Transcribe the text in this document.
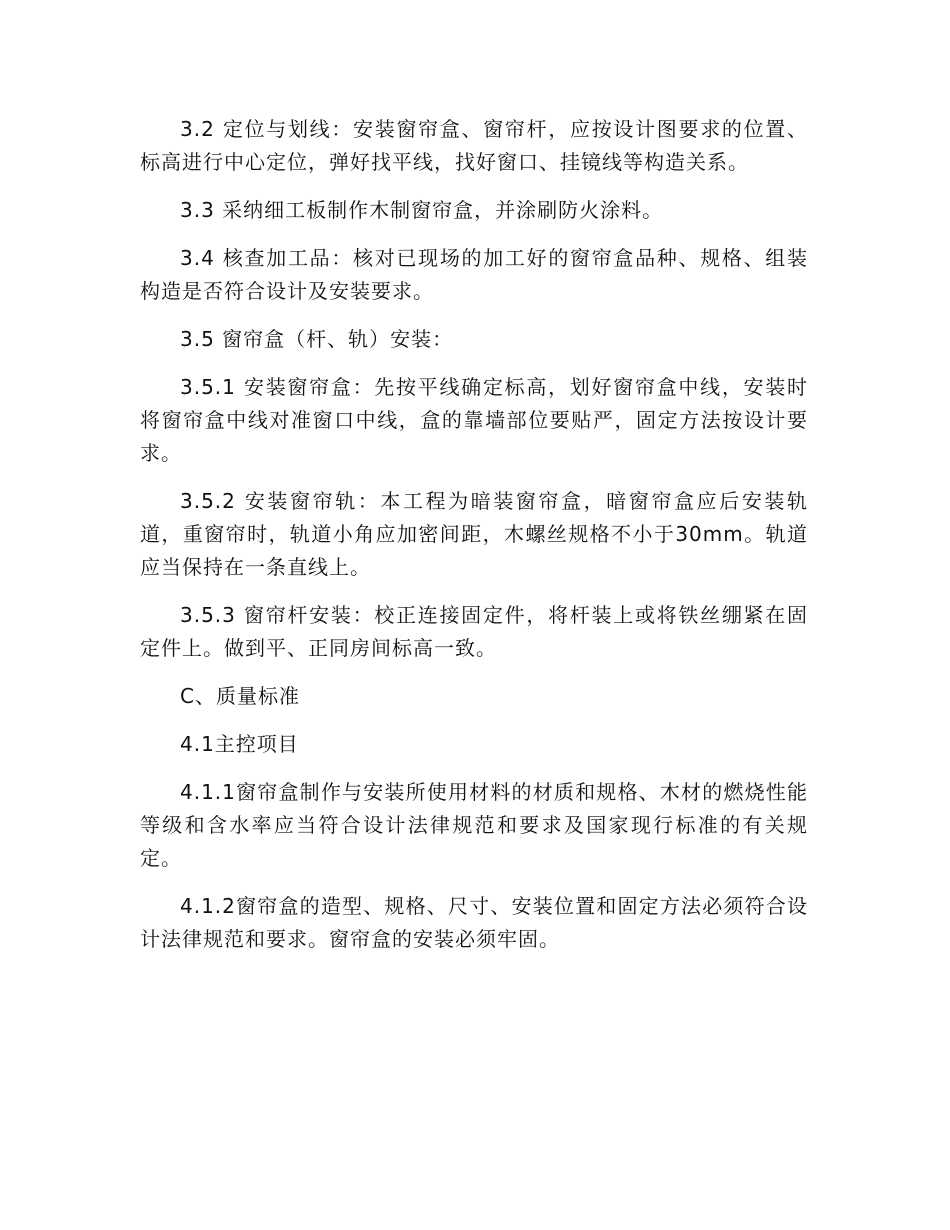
3.2 定位与划线：安装窗帘盒、窗帘杆，应按设计图要求的位置、标高进行中心定位，弹好找平线，找好窗口、挂镜线等构造关系。

3.3 采纳细工板制作木制窗帘盒，并涂刷防火涂料。

3.4 核查加工品：核对已现场的加工好的窗帘盒品种、规格、组装构造是否符合设计及安装要求。

3.5 窗帘盒（杆、轨）安装：

3.5.1 安装窗帘盒：先按平线确定标高，划好窗帘盒中线，安装时将窗帘盒中线对准窗口中线，盒的靠墙部位要贴严，固定方法按设计要求。

3.5.2 安装窗帘轨：本工程为暗装窗帘盒，暗窗帘盒应后安装轨道，重窗帘时，轨道小角应加密间距，木螺丝规格不小于30mm。轨道应当保持在一条直线上。

3.5.3 窗帘杆安装：校正连接固定件，将杆装上或将铁丝绷紧在固定件上。做到平、正同房间标高一致。

C、质量标准

4.1主控项目

4.1.1窗帘盒制作与安装所使用材料的材质和规格、木材的燃烧性能等级和含水率应当符合设计法律规范和要求及国家现行标准的有关规定。

4.1.2窗帘盒的造型、规格、尺寸、安装位置和固定方法必须符合设计法律规范和要求。窗帘盒的安装必须牢固。
